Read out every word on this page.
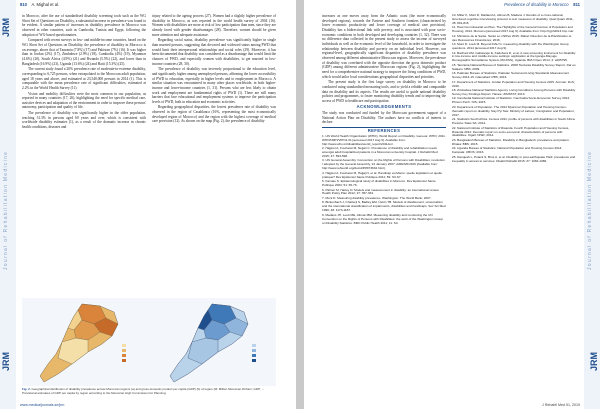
Journal of Rehabilitation Medicine
JRM
JRM
810 A. Mighal et al.

in Morocco, after the use of standardised disability screening tools such as the WG Short Set of Questions on Disability, a substantial increase in prevalence was found to be evident. A similar pattern of increases in disability prevalence in Morocco was observed in other countries, such as Cambodia, Tunisia and Egypt, following the adoption of WG-based questionnaires.

Compared with recent surveys in low- and middle-income countries, based on the WG Short Set of Questions on Disability, the prevalence of disability in Morocco is on average, above that of Tanzania (7.8%) (17) and Pakistan (7%) (16). It was higher than in Jordan (2%) (17), Zimbabwe (2.9%) (18), Cambodia (4%) (19), Myanmar (4.6%) (20), South Africa (4.9%) (21) and Rwanda (5.5%) (22), and lower than in Bangladesh (16.9%) (23), Uganda (13.6%) (24) and Haiti (15.3%) (25).

The current study found a 20% prevalence rate of moderate-to-extreme disability, corresponding to 6,725 persons, when extrapolated to the Moroccan adult population, aged 18 years and above, and estimated at 23,540,000 persons in 2014 (1). This is comparable with the mean prevalence rate of significant difficulties, estimated at 2.2% in the World Health Survey (11).

Vision and mobility difficulties were the most common in our population, as reported in many countries (17, 26), highlighting the need for specific medical care, assistive devices and adaptation of the environment in order to improve these persons' autonomy, participation and quality of life.

The prevalence of disability was significantly higher in the older population, reaching 31.3% in persons aged 60 years and over, which is consistent with worldwide disability estimates (1), as a result of the dramatic increase in chronic health conditions, diseases and

injury related to the ageing process (27). Women had a slightly higher prevalence of disability in Morocco, as was reported in the world health survey of 2004 (16). Women with disabilities are more at risk of low participation than men, since they are already faced with gender disadvantages (28). Therefore, women should be given more attention and adequate assistance.

Regarding social status, disability prevalence was significantly higher in single than married persons, suggesting that divorced and widowed status among PWD that would limit their interpersonal relationships and social roles (29). Moreover, it has been documented that disability was considered as a disadvantage that would limit the chances of PWD, and especially women with disabilities, to get married in low-income countries (28, 30).

The prevalence of disability was inversely proportional to the education level, and significantly higher among unemployed persons, affirming the lower accessibility of PWD to education, especially in higher levels and to employment in Morocco. A similar situation was encountered in many other places worldwide, in both higher-income and lower-income countries (1, 31). Persons who are less likely to obtain work and employment are fundamental rights of PWD (1). There are still many barriers that face educational and employment systems to improve the participation levels of PWD, both in education and economic activities.

Regarding geographical disparities, the lowest prevalence rate of disability was observed in the region of Casablanca (16%, representing the most economically developed region of Morocco) and the region with the highest coverage of medical care provision (12). As shown on the map (Fig. 2), the prevalence of disability

Fig. 2. Geographical distribution of disability prevalence across Moroccan regions (a) and gross domestic product per capita (GDP) (b) of region (M: Million Moroccan Dirham; GDP; ... Provisional estimates of GDP per capita by region according to the Moroccan High Commission for Planning.
www.medicaljournals.se/jrm
Journal of Rehabilitation Medicine
JRM
JRM
Prevalence of disability in Morocco 811

increases as one moves away from the Atlantic coast (the more economically developed regions), towards the Eastern and Southern frontiers (characterized by lower economic productivity and lower coverage of medical care provision). Disability has a bidirectional link with poverty, and is associated with poor socio-economic conditions in both developed and developing countries (1, 32). There was no difference data collected in the present study to assess the income of surveyed individuals as well as the economic level of the household, in order to investigate the relationship between disability and poverty on an individual level. However, our regional-level, geographically significant disparities of disability prevalence was observed among different administrative Moroccan regions. Moreover, the prevalence of disability was correlated with the opposite direction the gross domestic product (GDP) among different administrative Moroccan regions (Fig. 2), highlighting the need for a comprehensive national strategy to improve the living conditions of PWD, which would tailor local considerations geographical disparities and priorities.

The present study is the first large survey on disability in Morocco to be conducted using standardised measuring tools, and to yield a reliable and comparable data on disability and its aspects. The results are useful to guide national disability policies and programmes, to foster monitoring disability trends and to improving the access of PWD to healthcare and participation.

ACKNOWLEDGEMENTS

The study was conducted and funded by the Moroccan government support of a National Action Plan on Disability. The authors have no conflicts of interest to declare.

REFERENCES
1. UN World Health Organization (WHO), World Report on Disability. Geneva: WHO; 2011. WHO/NMH/VIP/11.01 [accessed 2017 Aug 9]. Available from: http://www.who.int/disabilities/world_report/2011/en/.
2. Hajjioui A, Fourtassi M, Nejjari C. Prevalence of disability and rehabilitation needs amongst adult hospitalized patients in a Moroccan university hospital. J Rehabil Med 2015; 47: 593-598.
3. UN General Assembly. Convention on the Rights of Persons with Disabilities: resolution / adopted by the General Assembly, 24 January 2007, A/RES/61/106 [Available from: http://www.refworld.org/docid/45f973632.html].
4. Hajjioui A, Fourtassi M, Hajjaj N, et al. Handicap au Maroc: quelle législation et quelle pratique? Rev Epidemiol Sante Publique 2011; 59: S3-S7.
5. Kamaie S. Epidemiological study of disabilities in Morocco. Rev Epidemiol Sante Publique 2003; 51: 65-76.
6. Palmer M, Harley D. Models and measurement in disability: an international review. Health Policy Plan 2012; 27: 357-364.
7. Mont D. Measuring disability prevalence. Washington: The World Bank; 2007.
8. Bickenbach J, Chatterji S, Badley EM, Üstün TB. Models of disablement, universalism and the international classification of impairments, disabilities and handicaps. Soc Sci Med 1999; 48: 1173-1187.
9. Madans JH, Loeb ME, Altman BM. Measuring disability and monitoring the UN Convention on the Rights of Persons with Disabilities: the work of the Washington Group on Disability Statistics. BMC Public Health 2011; 11: S4.
10. Miller K, Mont D, Maitland A, Altman B, Madans J. Results of a cross-national structured cognitive interviewing protocol to test measures of disability. Qual Quant 2011; 45: 801-815.
11. Haut Commissariat au Plan. The Highlights of the General Census of Population and Housing, 2014. Morocco [accessed 2017 Aug 9]. Available from: http://rgph2014.hcp.ma/.
12. Ministère de la Santé. Santé en chiffres 2015. Rabat: Direction de la Planification et des Ressources Financières; 2016.
13. Mont D, Loeb M. Beyond DALYs: measuring disability with the Washington Group questions. 2014 [accessed 2017 Aug 9].
14. Bachani AM, Galiwango E, Kadobera D, et al. A new screening instrument for disability in low-income and middle-income settings: application at the Iganga-Mayuge Demographic Surveillance System (IM-DSS), Uganda. BMJ Open 2014; 4: e005795.
15. Tanzania National Bureau of Statistics. 2008 Tanzania Disability Survey Report. Dar es Salaam: NBS; 2009.
16. Pakistan Bureau of Statistics. Pakistan Social and Living Standards Measurement Survey 2014-15. Islamabad: PBS; 2016.
17. Department of Statistics. Jordan Population and Housing Census 2015. Amman: DoS; 2016.
18. Zimbabwe National Statistics Agency. Living Conditions Among Persons with Disability Survey Key Findings Report. Harare: ZIMSTAT; 2013.
19. Cambodia National Institute of Statistics. Cambodia Socio-Economic Survey 2014. Phnom Penh: NIS; 2015.
20. Department of Population. The 2014 Myanmar Population and Housing Census: thematic report on disability. Nay Pyi Taw: Ministry of Labour, Immigration and Population; 2017.
21. Statistics South Africa. Census 2011: profile of persons with disabilities in South Africa. Pretoria: Stats SA; 2014.
22. National Institute of Statistics of Rwanda. Fourth Population and Housing Census, Rwanda 2012: thematic report on socio-economic characteristics of persons with disabilities. Kigali: NISR; 2014.
23. Bangladesh Bureau of Statistics. Disability in Bangladesh: prevalence and pattern. Dhaka: BBS; 2015.
24. Uganda Bureau of Statistics. National Population and Housing Census 2014. Kampala: UBOS; 2016.
25. Danquah L, Polack S, Brus A, et al. Disability in post-earthquake Haiti: prevalence and inequality in access to services. Disabil Rehabil 2015; 37: 1082-1089.
J Rehabil Med 51, 2019
